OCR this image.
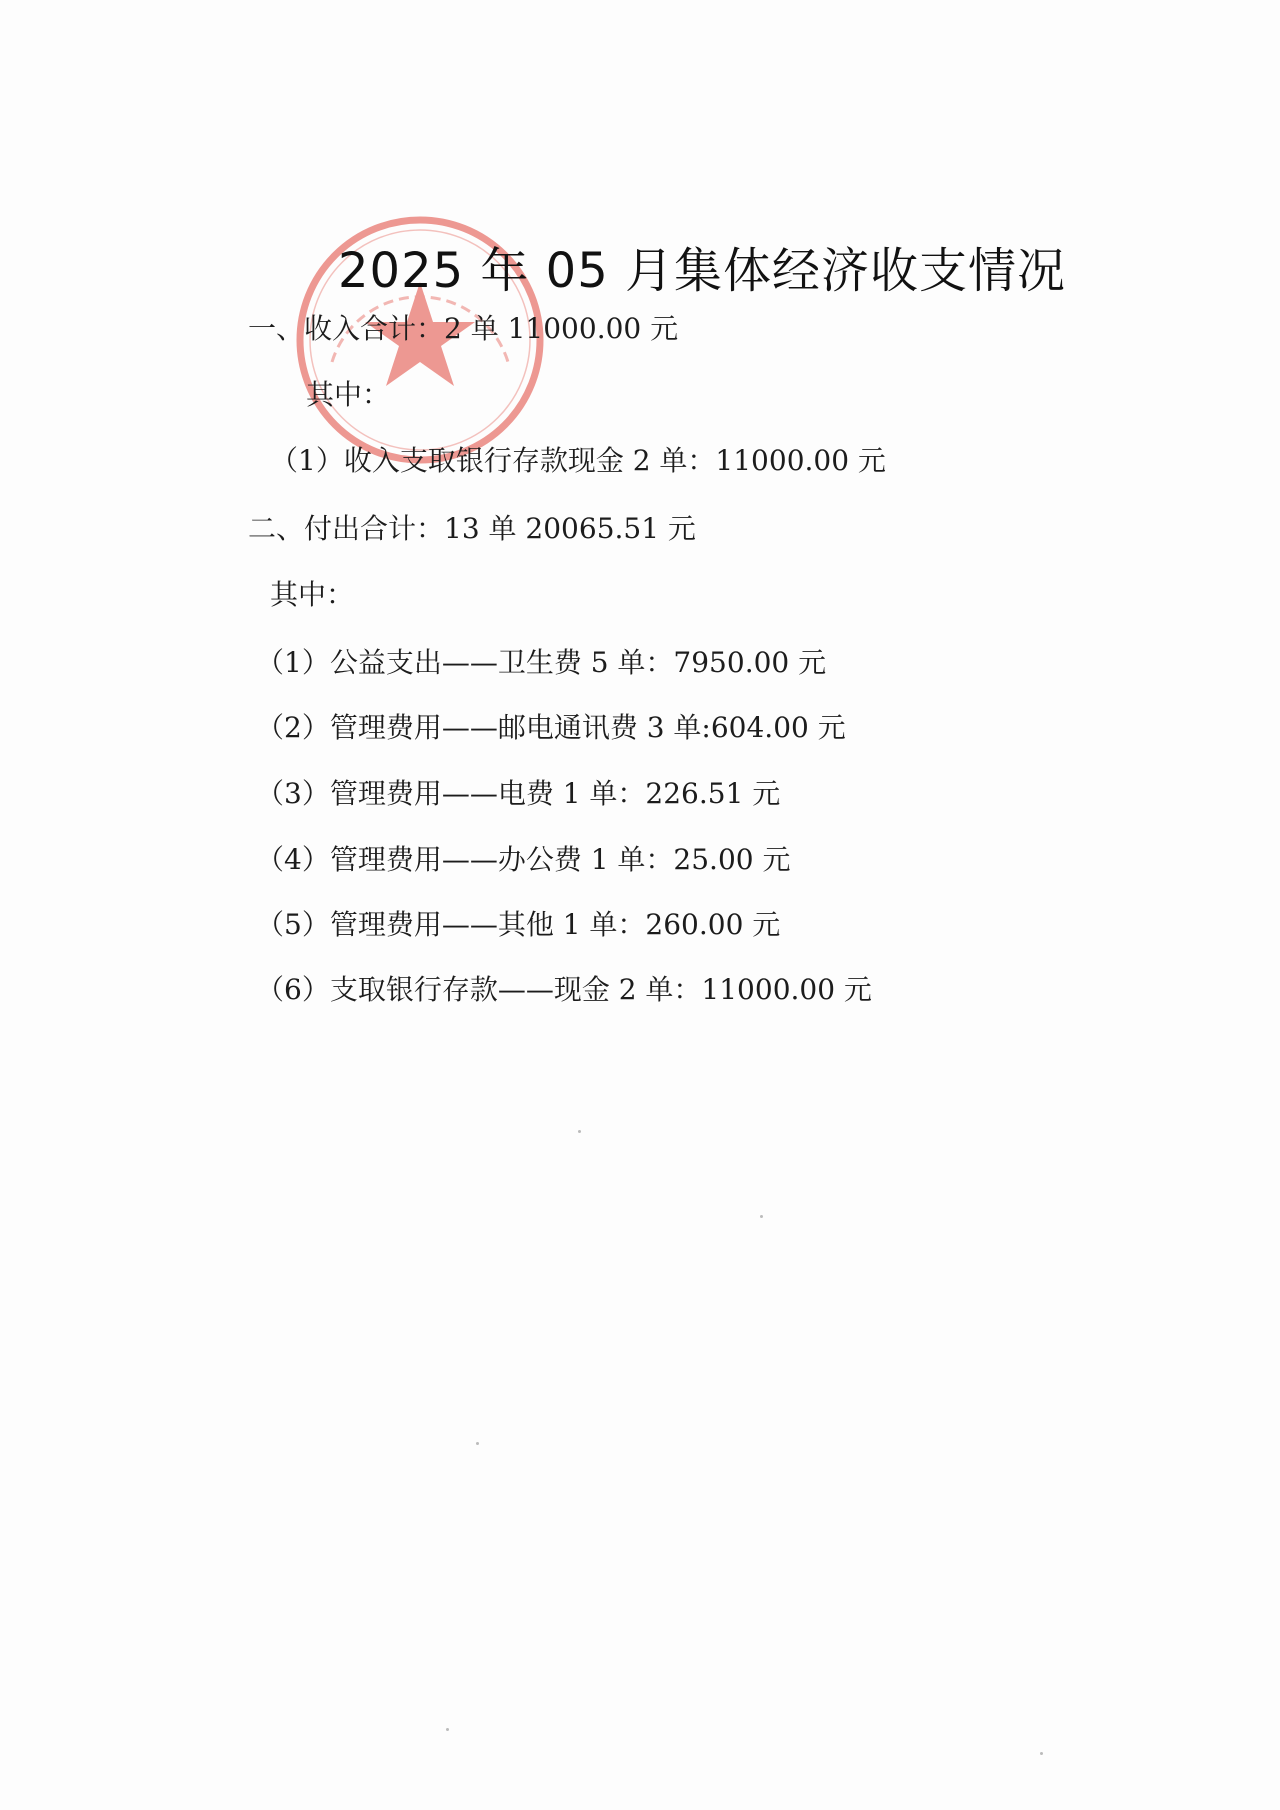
2025 年 05 月集体经济收支情况
一、收入合计：2 单 11000.00 元
其中：
（1）收入支取银行存款现金 2 单：11000.00 元
二、付出合计：13 单 20065.51 元
其中：
（1）公益支出——卫生费 5 单：7950.00 元
（2）管理费用——邮电通讯费 3 单:604.00 元
（3）管理费用——电费 1 单：226.51 元
（4）管理费用——办公费 1 单：25.00 元
（5）管理费用——其他 1 单：260.00 元
（6）支取银行存款——现金 2 单：11000.00 元
